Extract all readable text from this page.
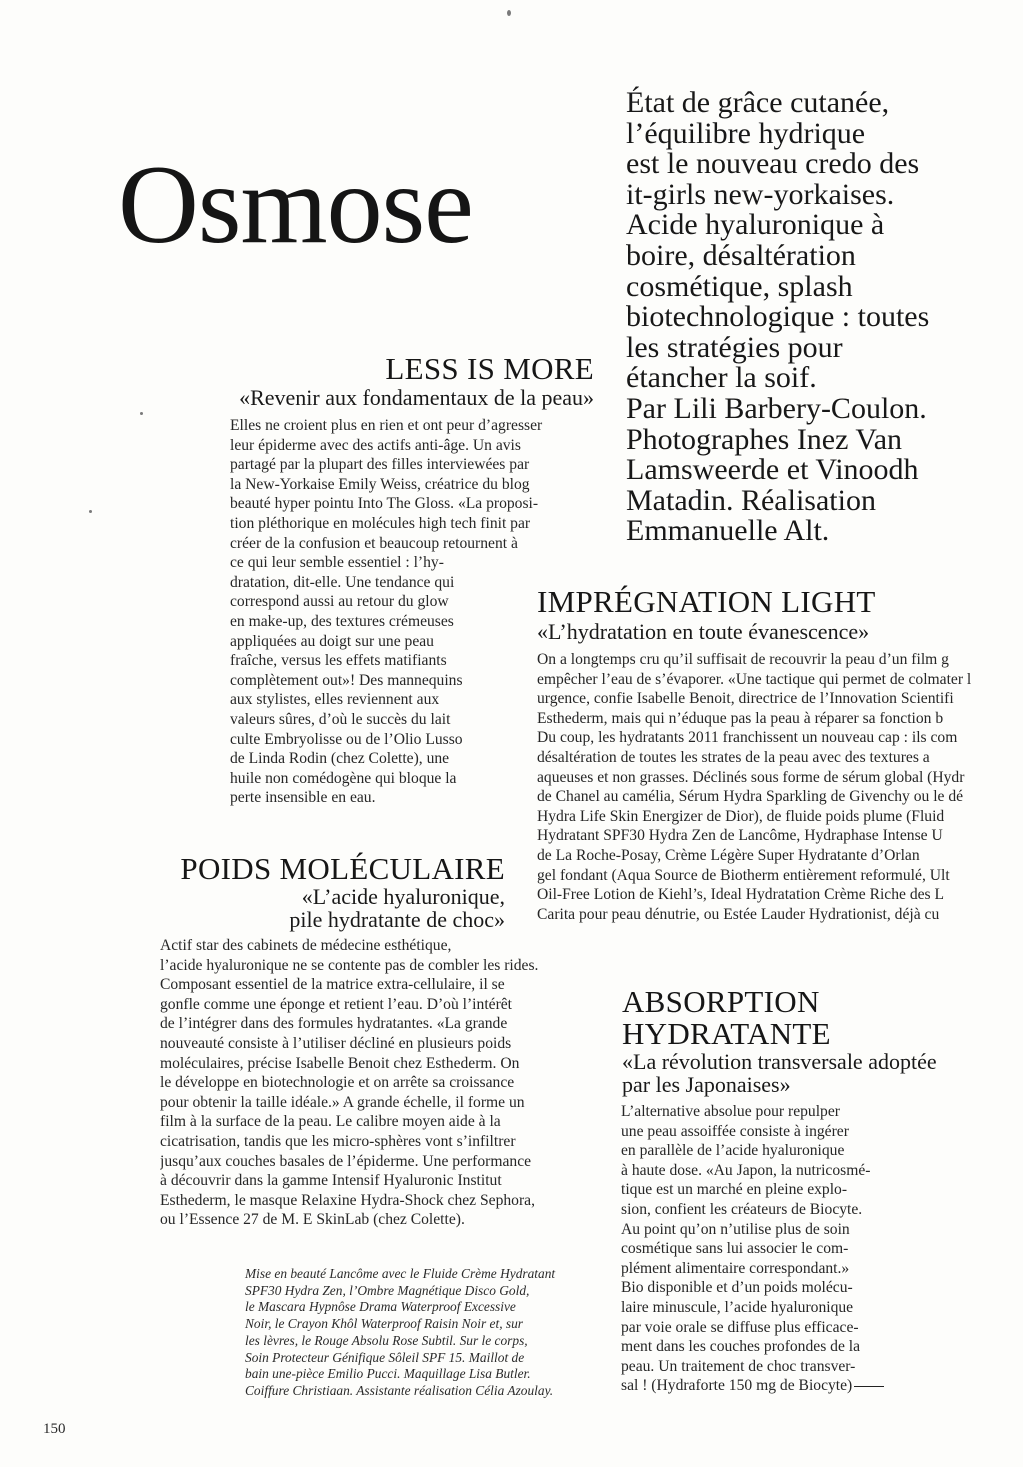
Osmose
État de grâce cutanée,
l’équilibre hydrique
est le nouveau credo des
it-girls new-yorkaises.
Acide hyaluronique à
boire, désaltération
cosmétique, splash
biotechnologique : toutes
les stratégies pour
étancher la soif.
Par Lili Barbery-Coulon.
Photographes Inez Van
Lamsweerde et Vinoodh
Matadin. Réalisation
Emmanuelle Alt.
LESS IS MORE
«Revenir aux fondamentaux de la peau»
Elles ne croient plus en rien et ont peur d’agresser
leur épiderme avec des actifs anti-âge. Un avis
partagé par la plupart des filles interviewées par
la New-Yorkaise Emily Weiss, créatrice du blog
beauté hyper pointu Into The Gloss. «La proposi-
tion pléthorique en molécules high tech finit par
créer de la confusion et beaucoup retournent à
ce qui leur semble essentiel : l’hy-
dratation, dit-elle. Une tendance qui
correspond aussi au retour du glow
en make-up, des textures crémeuses
appliquées au doigt sur une peau
fraîche, versus les effets matifiants
complètement out»! Des mannequins
aux stylistes, elles reviennent aux
valeurs sûres, d’où le succès du lait
culte Embryolisse ou de l’Olio Lusso
de Linda Rodin (chez Colette), une
huile non comédogène qui bloque la
perte insensible en eau.
IMPRÉGNATION LIGHT
«L’hydratation en toute évanescence»
On a longtemps cru qu’il suffisait de recouvrir la peau d’un film g
empêcher l’eau de s’évaporer. «Une tactique qui permet de colmater l
urgence, confie Isabelle Benoit, directrice de l’Innovation Scientifi
Esthederm, mais qui n’éduque pas la peau à réparer sa fonction b
Du coup, les hydratants 2011 franchissent un nouveau cap : ils com
désaltération de toutes les strates de la peau avec des textures a
aqueuses et non grasses. Déclinés sous forme de sérum global (Hydr
de Chanel au camélia, Sérum Hydra Sparkling de Givenchy ou le dé
Hydra Life Skin Energizer de Dior), de fluide poids plume (Fluid
Hydratant SPF30 Hydra Zen de Lancôme, Hydraphase Intense U
de La Roche-Posay, Crème Légère Super Hydratante d’Orlan
gel fondant (Aqua Source de Biotherm entièrement reformulé, Ult
Oil-Free Lotion de Kiehl’s, Ideal Hydratation Crème Riche des L
Carita pour peau dénutrie, ou Estée Lauder Hydrationist, déjà cu
POIDS MOLÉCULAIRE
«L’acide hyaluronique,
pile hydratante de choc»
Actif star des cabinets de médecine esthétique,
l’acide hyaluronique ne se contente pas de combler les rides.
Composant essentiel de la matrice extra-cellulaire, il se
gonfle comme une éponge et retient l’eau. D’où l’intérêt
de l’intégrer dans des formules hydratantes. «La grande
nouveauté consiste à l’utiliser décliné en plusieurs poids
moléculaires, précise Isabelle Benoit chez Esthederm. On
le développe en biotechnologie et on arrête sa croissance
pour obtenir la taille idéale.» A grande échelle, il forme un
film à la surface de la peau. Le calibre moyen aide à la
cicatrisation, tandis que les micro-sphères vont s’infiltrer
jusqu’aux couches basales de l’épiderme. Une performance
à découvrir dans la gamme Intensif Hyaluronic Institut
Esthederm, le masque Relaxine Hydra-Shock chez Sephora,
ou l’Essence 27 de M. E SkinLab (chez Colette).
ABSORPTION
HYDRATANTE
«La révolution transversale adoptée
par les Japonaises»
L’alternative absolue pour repulper
une peau assoiffée consiste à ingérer
en parallèle de l’acide hyaluronique
à haute dose. «Au Japon, la nutricosmé-
tique est un marché en pleine explo-
sion, confient les créateurs de Biocyte.
Au point qu’on n’utilise plus de soin
cosmétique sans lui associer le com-
plément alimentaire correspondant.»
Bio disponible et d’un poids molécu-
laire minuscule, l’acide hyaluronique
par voie orale se diffuse plus efficace-
ment dans les couches profondes de la
peau. Un traitement de choc transver-
sal ! (Hydraforte 150 mg de Biocyte)
Mise en beauté Lancôme avec le Fluide Crème Hydratant
SPF30 Hydra Zen, l’Ombre Magnétique Disco Gold,
le Mascara Hypnôse Drama Waterproof Excessive
Noir, le Crayon Khôl Waterproof Raisin Noir et, sur
les lèvres, le Rouge Absolu Rose Subtil. Sur le corps,
Soin Protecteur Génifique Sôleil SPF 15. Maillot de
bain une-pièce Emilio Pucci. Maquillage Lisa Butler.
Coiffure Christiaan. Assistante réalisation Célia Azoulay.
150
